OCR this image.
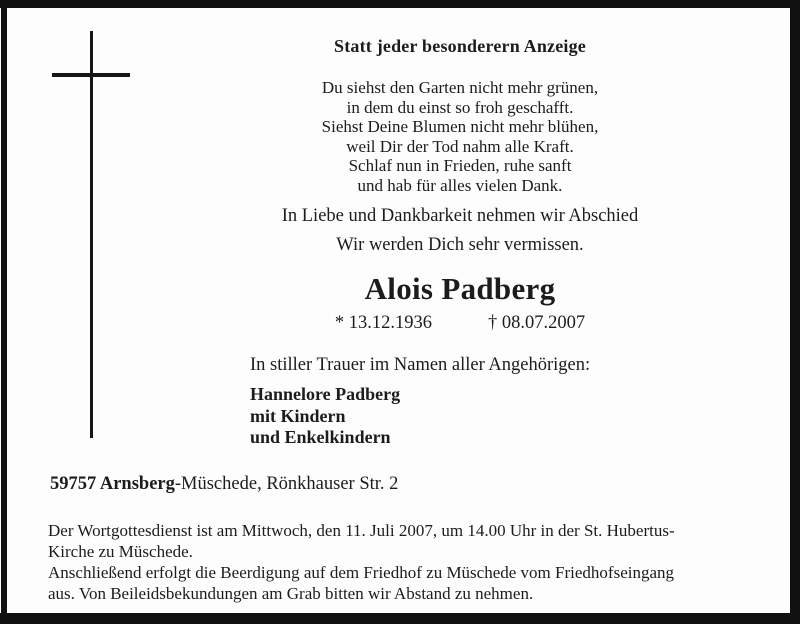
Statt jeder besonderern Anzeige
Du siehst den Garten nicht mehr grünen,
in dem du einst so froh geschafft.
Siehst Deine Blumen nicht mehr blühen,
weil Dir der Tod nahm alle Kraft.
Schlaf nun in Frieden, ruhe sanft
und hab für alles vielen Dank.
In Liebe und Dankbarkeit nehmen wir Abschied
Wir werden Dich sehr vermissen.
Alois Padberg
* 13.12.1936	† 08.07.2007
In stiller Trauer im Namen aller Angehörigen:
Hannelore Padberg
mit Kindern
und Enkelkindern
59757 Arnsberg-Müschede, Rönkhauser Str. 2
Der Wortgottesdienst ist am Mittwoch, den 11. Juli 2007, um 14.00 Uhr in der St. Hubertus-
Kirche zu Müschede.
Anschließend erfolgt die Beerdigung auf dem Friedhof zu Müschede vom Friedhofseingang
aus. Von Beileidsbekundungen am Grab bitten wir Abstand zu nehmen.
